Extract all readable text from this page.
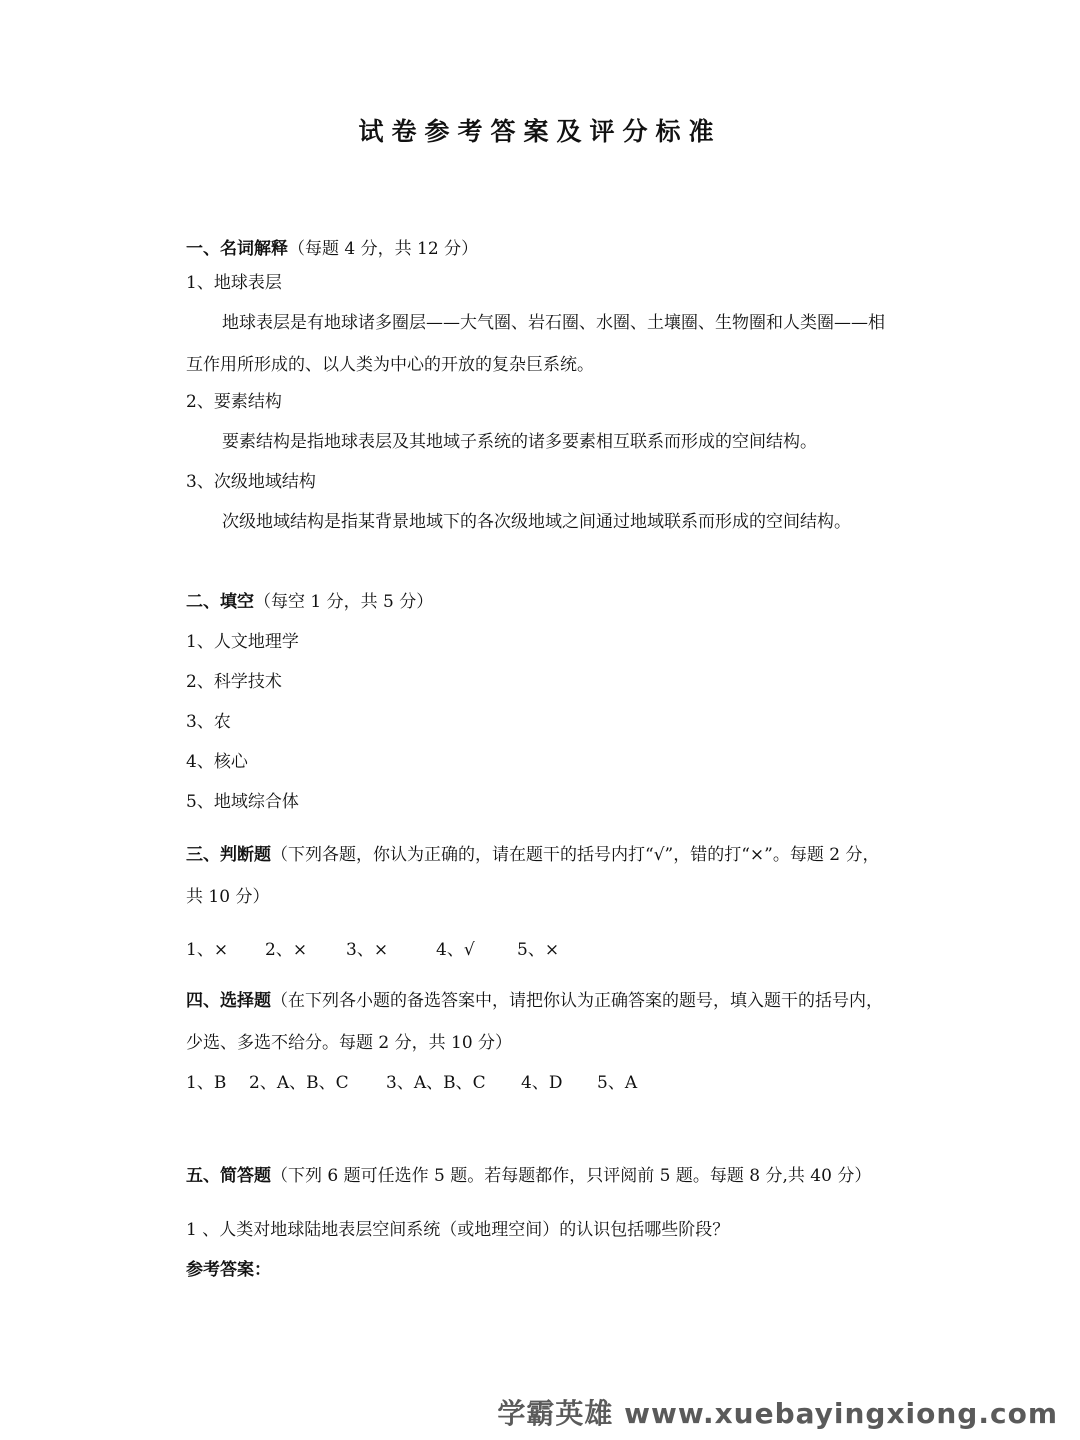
试卷参考答案及评分标准
一、名词解释（每题 4 分，共 12 分）
1、地球表层
地球表层是有地球诸多圈层——大气圈、岩石圈、水圈、土壤圈、生物圈和人类圈——相互作用所形成的、以人类为中心的开放的复杂巨系统。
2、要素结构
要素结构是指地球表层及其地域子系统的诸多要素相互联系而形成的空间结构。
3、次级地域结构
次级地域结构是指某背景地域下的各次级地域之间通过地域联系而形成的空间结构。
二、填空（每空 1 分，共 5 分）
1、人文地理学
2、科学技术
3、农
4、核心
5、地域综合体
三、判断题（下列各题，你认为正确的，请在题干的括号内打“√”，错的打“×”。每题 2 分，共 10 分）
1、× 2、× 3、×	4、√ 5、×
四、选择题（在下列各小题的备选答案中，请把你认为正确答案的题号，填入题干的括号内，少选、多选不给分。每题 2 分，共 10 分）
1、B 2、A、B、C 3、A、B、C 4、D 5、A
五、简答题（下列 6 题可任选作 5 题。若每题都作，只评阅前 5 题。每题 8 分,共 40 分）
1 、人类对地球陆地表层空间系统（或地理空间）的认识包括哪些阶段？
参考答案：
学霸英雄 www.xuebayingxiong.com
